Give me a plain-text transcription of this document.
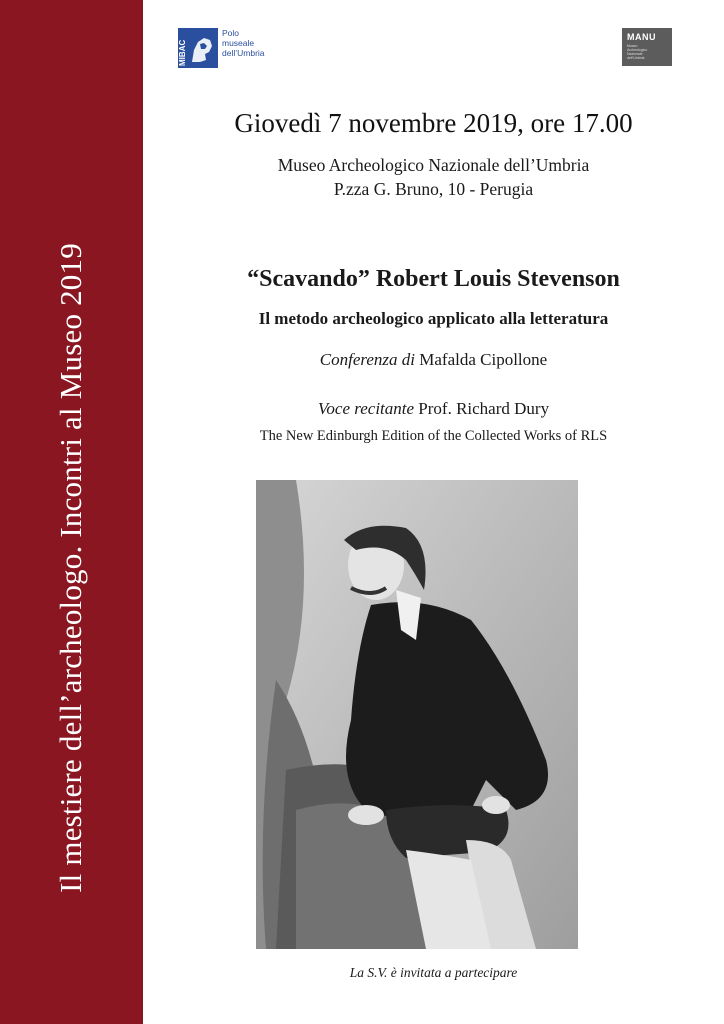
Il mestiere dell’archeologo. Incontri al Museo 2019
MIBAC
Polo
museale
dell’Umbria
MANU
Museo
Archeologico
Nazionale
dell’Umbria
Giovedì 7 novembre 2019, ore 17.00
Museo Archeologico Nazionale dell’Umbria
P.zza G. Bruno, 10 - Perugia
“Scavando” Robert Louis Stevenson
Il metodo archeologico applicato alla letteratura
Conferenza di Mafalda Cipollone
Voce recitante Prof. Richard Dury
The New Edinburgh Edition of the Collected Works of RLS
La S.V. è invitata a partecipare
